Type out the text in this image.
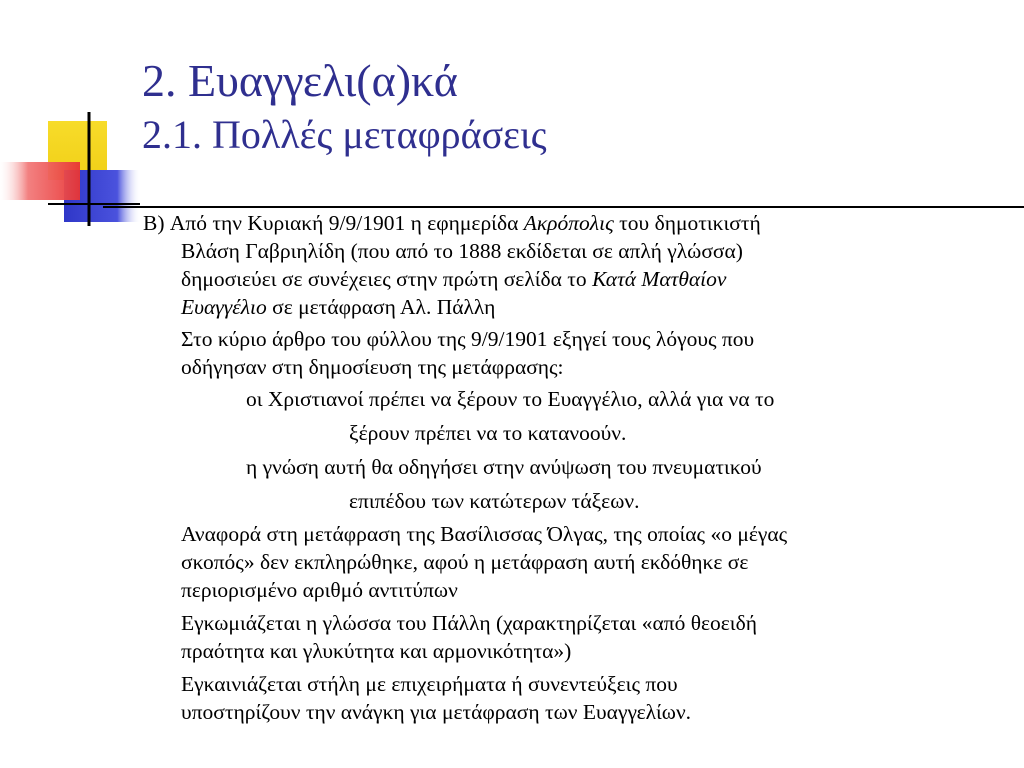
2. Ευαγγελι(α)κά
2.1. Πολλές μεταφράσεις
B) Από την Κυριακή 9/9/1901 η εφημερίδα Ακρόπολις του δημοτικιστή
Βλάση Γαβριηλίδη (που από το 1888 εκδίδεται σε απλή γλώσσα)
δημοσιεύει σε συνέχειες στην πρώτη σελίδα το Κατά Ματθαίον
Ευαγγέλιο σε μετάφραση Αλ. Πάλλη
Στο κύριο άρθρο του φύλλου της 9/9/1901 εξηγεί τους λόγους που
οδήγησαν στη δημοσίευση της μετάφρασης:
οι Χριστιανοί πρέπει να ξέρουν το Ευαγγέλιο, αλλά για να το
ξέρουν πρέπει να το κατανοούν.
η γνώση αυτή θα οδηγήσει στην ανύψωση του πνευματικού
επιπέδου των κατώτερων τάξεων.
Αναφορά στη μετάφραση της Βασίλισσας Όλγας, της οποίας «ο μέγας
σκοπός» δεν εκπληρώθηκε, αφού η μετάφραση αυτή εκδόθηκε σε
περιορισμένο αριθμό αντιτύπων
Εγκωμιάζεται η γλώσσα του Πάλλη (χαρακτηρίζεται «από θεοειδή
πραότητα και γλυκύτητα και αρμονικότητα»)
Εγκαινιάζεται στήλη με επιχειρήματα ή συνεντεύξεις που
υποστηρίζουν την ανάγκη για μετάφραση των Ευαγγελίων.
